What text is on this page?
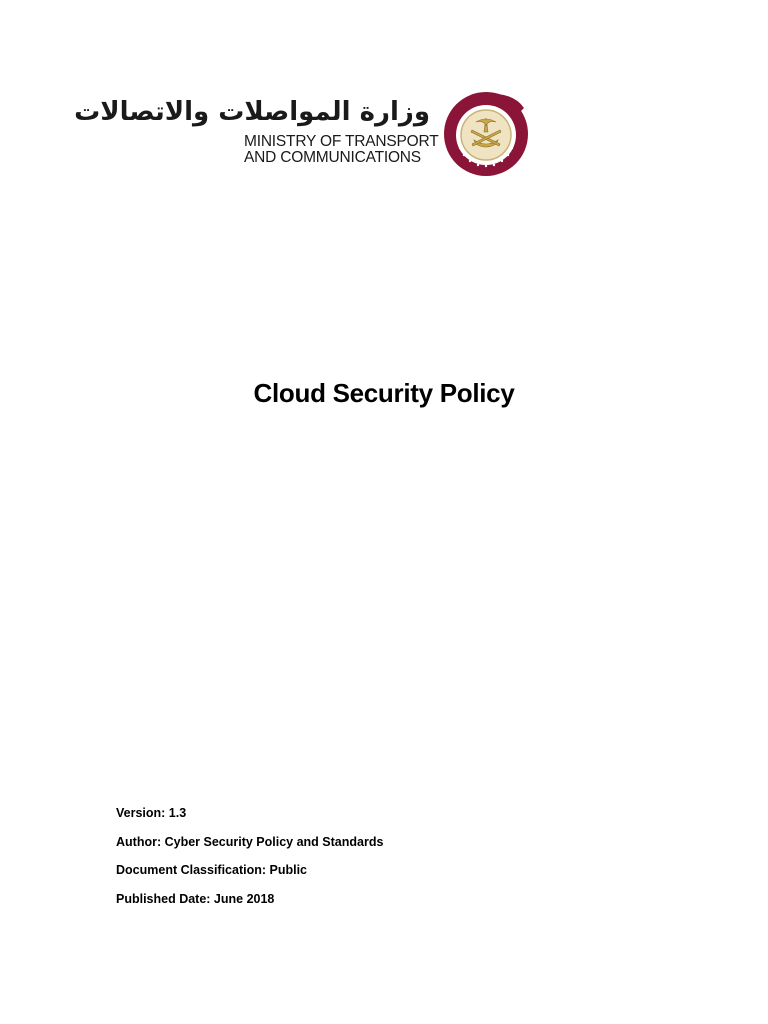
وزارة المواصلات والاتصالات
MINISTRY OF TRANSPORT
AND COMMUNICATIONS
Cloud Security Policy
Version: 1.3
Author: Cyber Security Policy and Standards
Document Classification: Public
Published Date: June 2018
